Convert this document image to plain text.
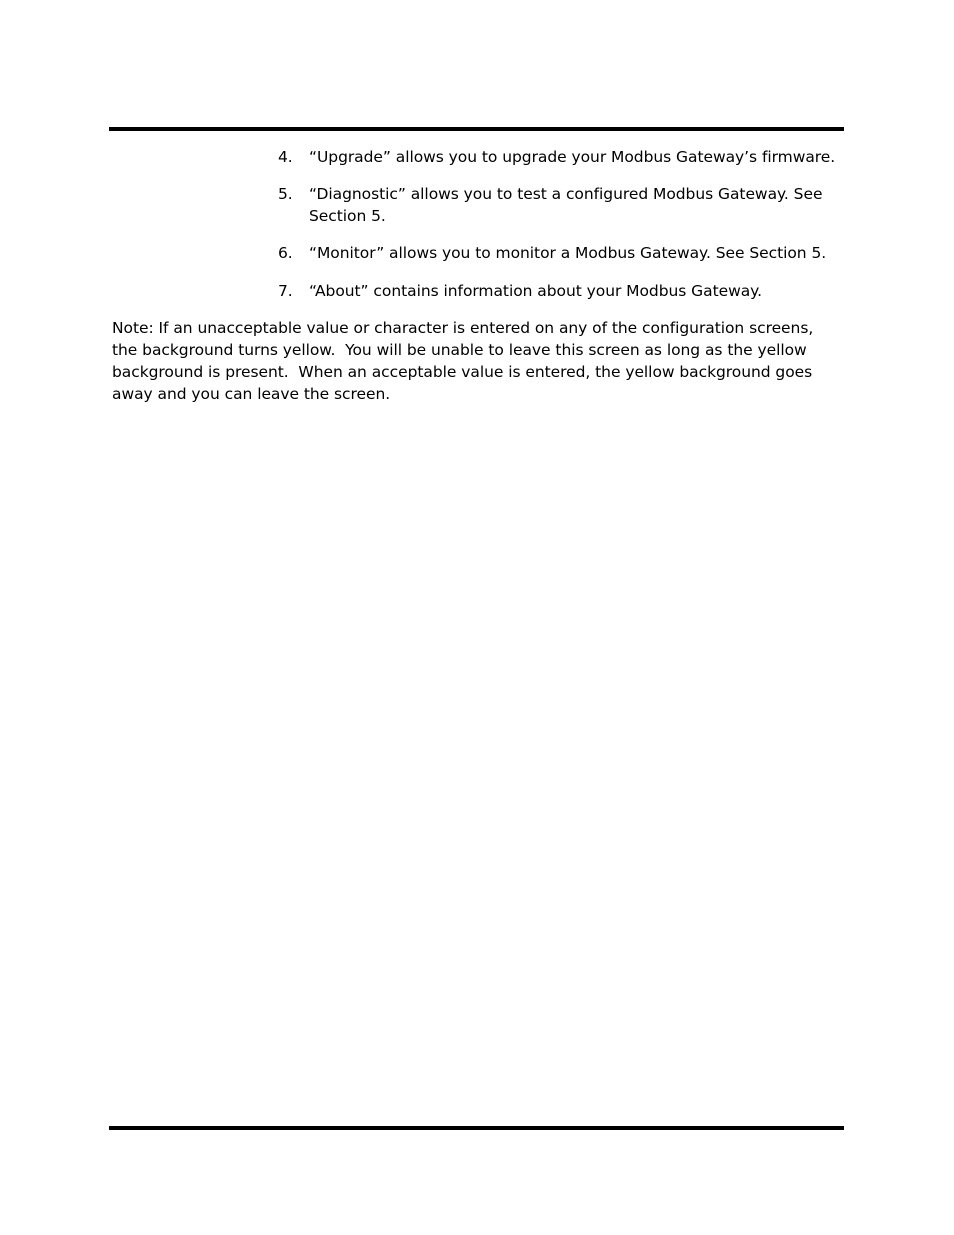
4.	“Upgrade” allows you to upgrade your Modbus Gateway’s firmware.
5.	“Diagnostic” allows you to test a configured Modbus Gateway. See
Section 5.
6.	“Monitor” allows you to monitor a Modbus Gateway. See Section 5.
7.	“About” contains information about your Modbus Gateway.

Note: If an unacceptable value or character is entered on any of the configuration screens,
the background turns yellow.  You will be unable to leave this screen as long as the yellow
background is present.  When an acceptable value is entered, the yellow background goes
away and you can leave the screen.
